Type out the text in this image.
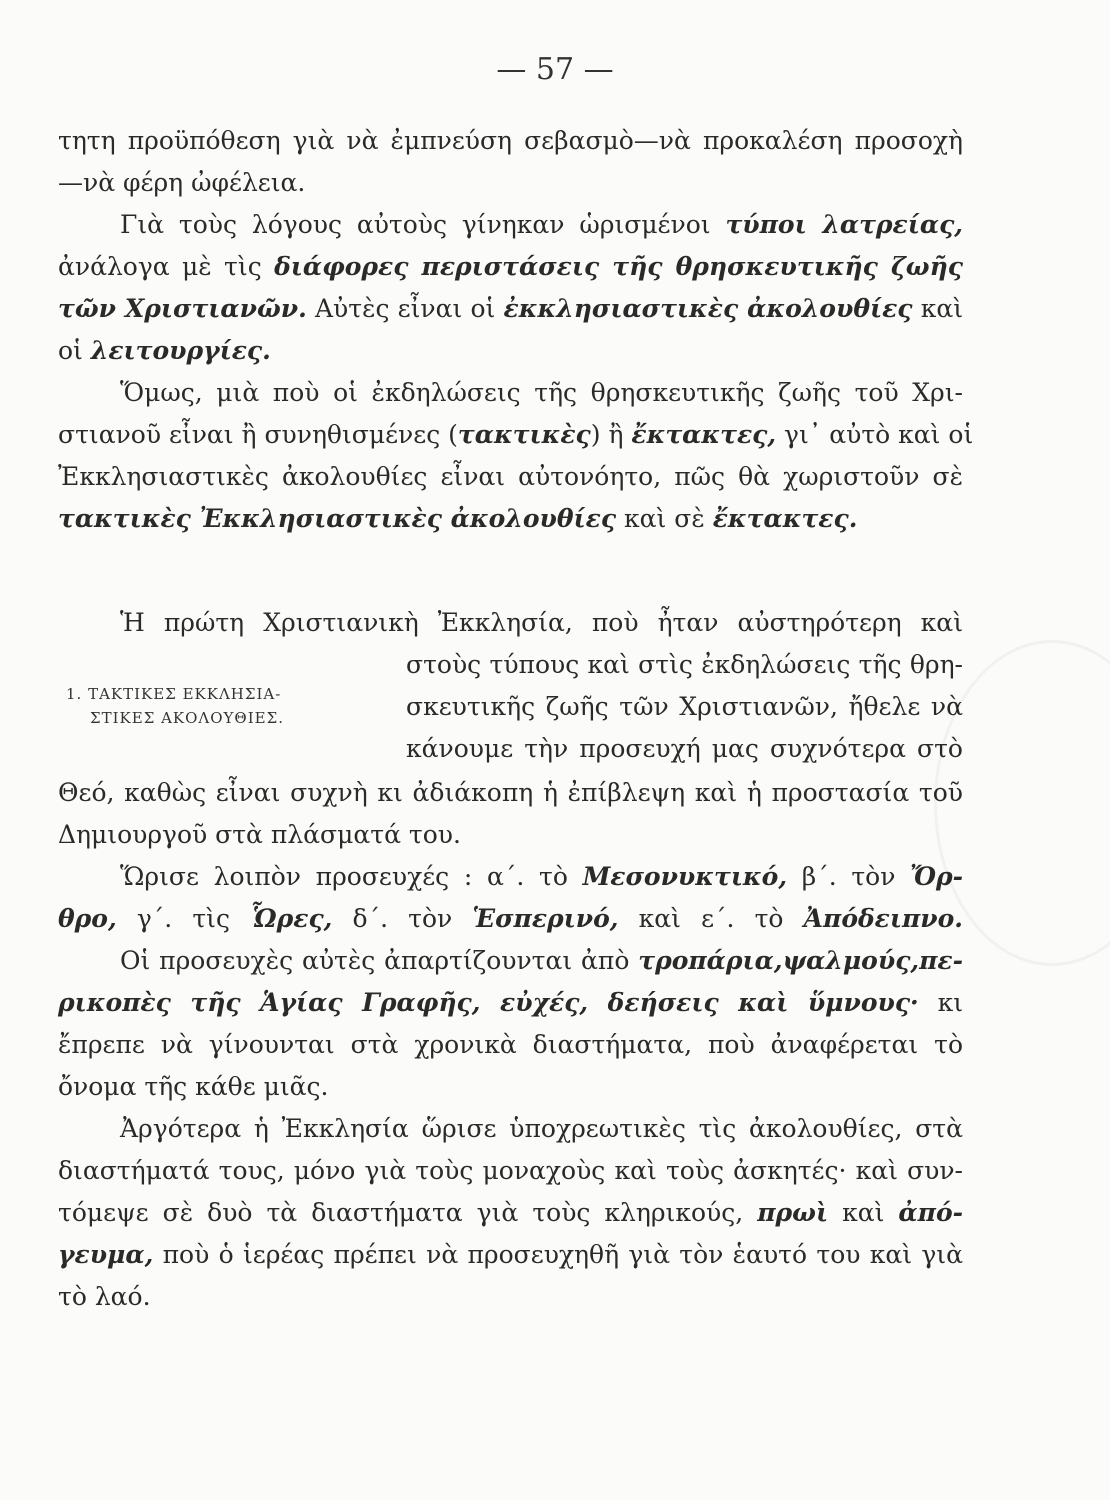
— 57 —
τητη προϋπόθεση γιὰ νὰ ἐμπνεύση σεβασμὸ—νὰ προκαλέση προσοχὴ
—νὰ φέρη ὠφέλεια.
Γιὰ τοὺς λόγους αὐτοὺς γίνηκαν ὡρισμένοι τύποι λατρείας,
ἀνάλογα μὲ τὶς διάφορες περιστάσεις τῆς θρησκευτικῆς ζωῆς
τῶν Χριστιανῶν. Αὐτὲς εἶναι οἱ ἐκκλησιαστικὲς ἀκολουθίες καὶ
οἱ λειτουργίες.
Ὅμως, μιὰ ποὺ οἱ ἐκδηλώσεις τῆς θρησκευτικῆς ζωῆς τοῦ Χρι-
στιανοῦ εἶναι ἢ συνηθισμένες (τακτικὲς) ἢ ἔκτακτες, γι᾿ αὐτὸ καὶ οἱ
Ἐκκλησιαστικὲς ἀκολουθίες εἶναι αὐτονόητο, πῶς θὰ χωριστοῦν σὲ
τακτικὲς Ἐκκλησιαστικὲς ἀκολουθίες καὶ σὲ ἔκτακτες.
Ἡ πρώτη Χριστιανικὴ Ἐκκλησία, ποὺ ἦταν αὐστηρότερη καὶ
στοὺς τύπους καὶ στὶς ἐκδηλώσεις τῆς θρη-
σκευτικῆς ζωῆς τῶν Χριστιανῶν, ἤθελε νὰ
κάνουμε τὴν προσευχή μας συχνότερα στὸ
1. ΤΑΚΤΙΚΕΣ ΕΚΚΛΗΣΙΑ-
ΣΤΙΚΕΣ ΑΚΟΛΟΥΘΙΕΣ.
Θεό, καθὼς εἶναι συχνὴ κι ἀδιάκοπη ἡ ἐπίβλεψη καὶ ἡ προστασία τοῦ
Δημιουργοῦ στὰ πλάσματά του.
Ὥρισε λοιπὸν προσευχές : α΄. τὸ Μεσονυκτικό, β΄. τὸν Ὄρ-
θρο, γ΄. τὶς Ὧρες, δ΄. τὸν Ἑσπερινό, καὶ ε΄. τὸ Ἀπόδειπνο.
Οἱ προσευχὲς αὐτὲς ἀπαρτίζουνται ἀπὸ τροπάρια,ψαλμούς,πε-
ρικοπὲς τῆς Ἁγίας Γραφῆς, εὐχές, δεήσεις καὶ ὕμνους· κι
ἔπρεπε νὰ γίνουνται στὰ χρονικὰ διαστήματα, ποὺ ἀναφέρεται τὸ
ὄνομα τῆς κάθε μιᾶς.
Ἀργότερα ἡ Ἐκκλησία ὥρισε ὑποχρεωτικὲς τὶς ἀκολουθίες, στὰ
διαστήματά τους, μόνο γιὰ τοὺς μοναχοὺς καὶ τοὺς ἀσκητές· καὶ συν-
τόμεψε σὲ δυὸ τὰ διαστήματα γιὰ τοὺς κληρικούς, πρωὶ καὶ ἀπό-
γευμα, ποὺ ὁ ἱερέας πρέπει νὰ προσευχηθῆ γιὰ τὸν ἑαυτό του καὶ γιὰ
τὸ λαό.
